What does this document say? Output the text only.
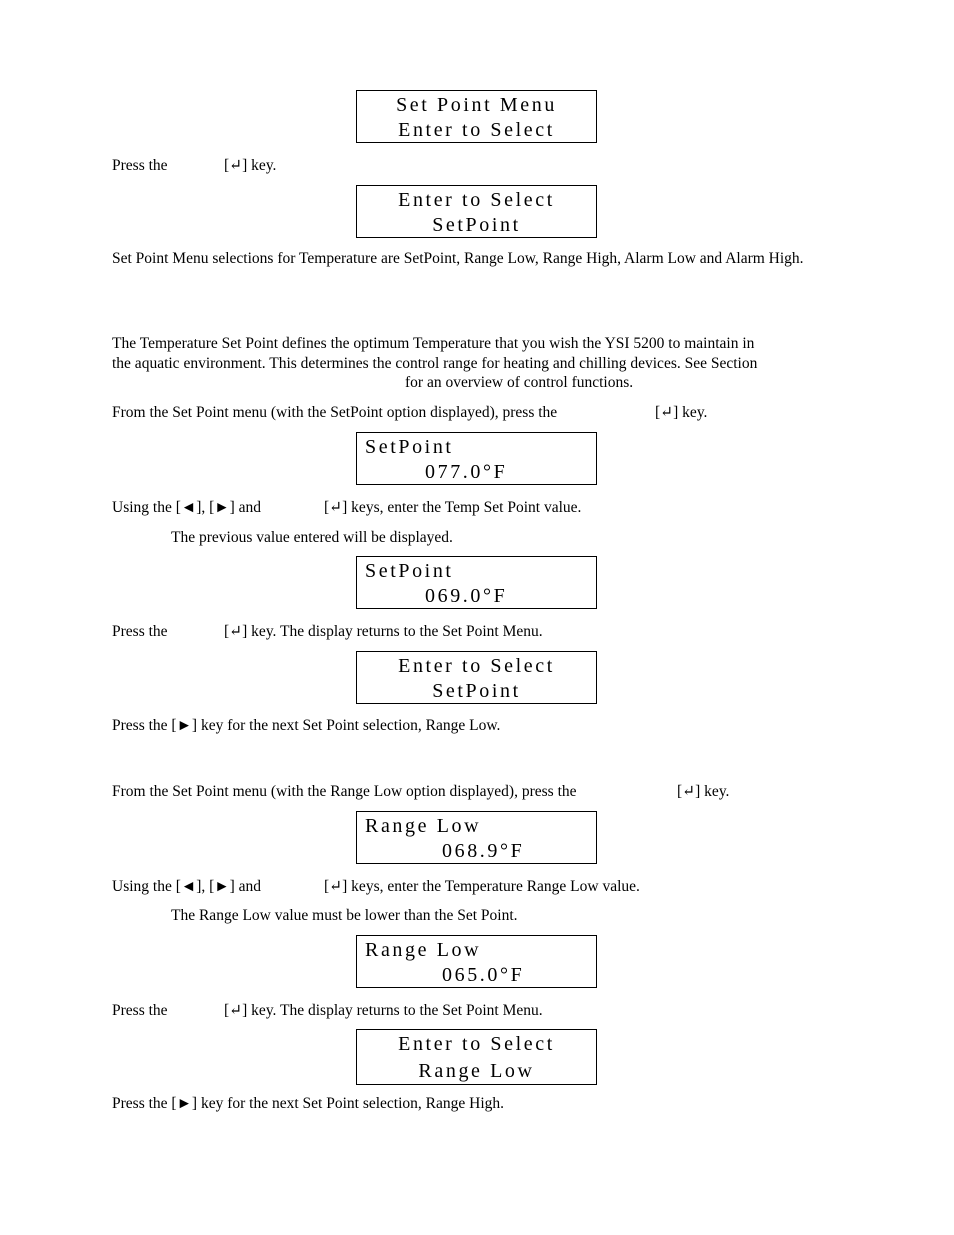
Set Point Menu

Enter to Select

Press the	[↵] key.

Enter to Select

SetPoint

Set Point Menu selections for Temperature are SetPoint, Range Low, Range High, Alarm Low and Alarm High.
The Temperature Set Point defines the optimum Temperature that you wish the YSI 5200 to maintain in
the aquatic environment. This determines the control range for heating and chilling devices. See Section
for an overview of control functions.
From the Set Point menu (with the SetPoint option displayed), press the	[↵] key.

SetPoint

077.0°F

Using the [◄], [►] and	[↵] keys, enter the Temp Set Point value.
The previous value entered will be displayed.

SetPoint

069.0°F

Press the	[↵] key. The display returns to the Set Point Menu.

Enter to Select

SetPoint

Press the [►] key for the next Set Point selection, Range Low.
From the Set Point menu (with the Range Low option displayed), press the	[↵] key.

Range Low

068.9°F

Using the [◄], [►] and	[↵] keys, enter the Temperature Range Low value.
The Range Low value must be lower than the Set Point.

Range Low

065.0°F

Press the	[↵] key. The display returns to the Set Point Menu.

Enter to Select

Range Low

Press the [►] key for the next Set Point selection, Range High.
